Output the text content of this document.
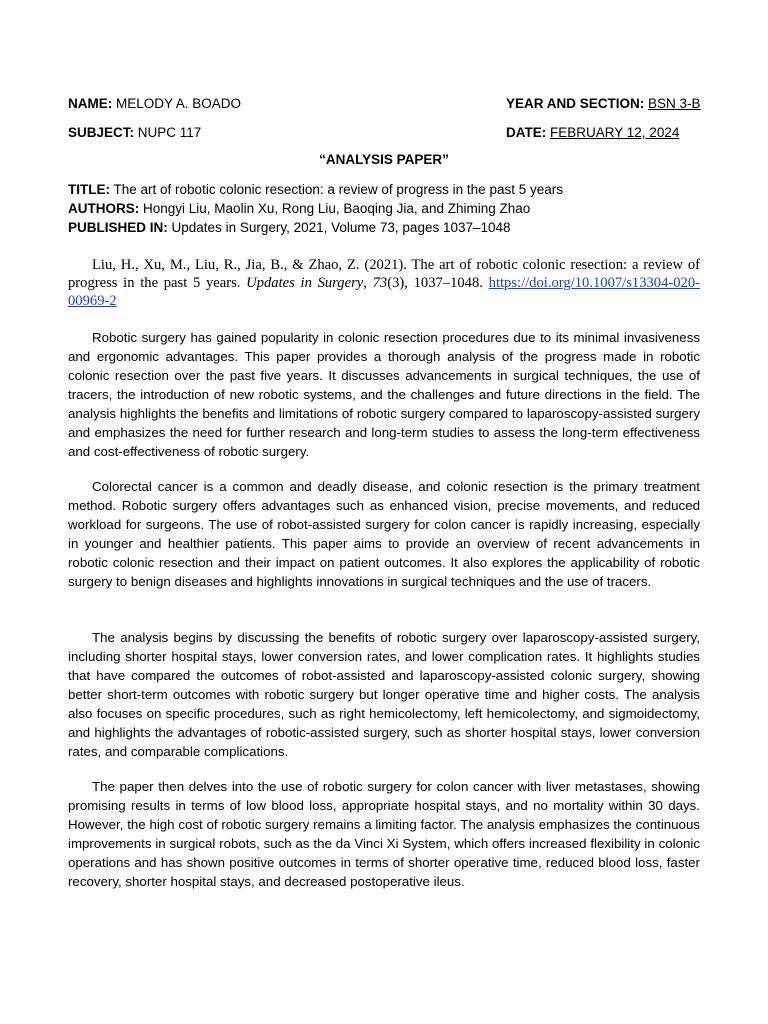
NAME: MELODY A. BOADO	YEAR AND SECTION: BSN 3-B
SUBJECT: NUPC 117	DATE: FEBRUARY 12, 2024
“ANALYSIS PAPER”
TITLE: The art of robotic colonic resection: a review of progress in the past 5 years
AUTHORS: Hongyi Liu, Maolin Xu, Rong Liu, Baoqing Jia, and Zhiming Zhao
PUBLISHED IN: Updates in Surgery, 2021, Volume 73, pages 1037–1048
Liu, H., Xu, M., Liu, R., Jia, B., & Zhao, Z. (2021). The art of robotic colonic resection: a review of progress in the past 5 years. Updates in Surgery, 73(3), 1037–1048. https://doi.org/10.1007/s13304-020-00969-2

Robotic surgery has gained popularity in colonic resection procedures due to its minimal invasiveness and ergonomic advantages. This paper provides a thorough analysis of the progress made in robotic colonic resection over the past five years. It discusses advancements in surgical techniques, the use of tracers, the introduction of new robotic systems, and the challenges and future directions in the field. The analysis highlights the benefits and limitations of robotic surgery compared to laparoscopy-assisted surgery and emphasizes the need for further research and long-term studies to assess the long-term effectiveness and cost-effectiveness of robotic surgery.

Colorectal cancer is a common and deadly disease, and colonic resection is the primary treatment method. Robotic surgery offers advantages such as enhanced vision, precise movements, and reduced workload for surgeons. The use of robot-assisted surgery for colon cancer is rapidly increasing, especially in younger and healthier patients. This paper aims to provide an overview of recent advancements in robotic colonic resection and their impact on patient outcomes. It also explores the applicability of robotic surgery to benign diseases and highlights innovations in surgical techniques and the use of tracers.

The analysis begins by discussing the benefits of robotic surgery over laparoscopy-assisted surgery, including shorter hospital stays, lower conversion rates, and lower complication rates. It highlights studies that have compared the outcomes of robot-assisted and laparoscopy-assisted colonic surgery, showing better short-term outcomes with robotic surgery but longer operative time and higher costs. The analysis also focuses on specific procedures, such as right hemicolectomy, left hemicolectomy, and sigmoidectomy, and highlights the advantages of robotic-assisted surgery, such as shorter hospital stays, lower conversion rates, and comparable complications.

The paper then delves into the use of robotic surgery for colon cancer with liver metastases, showing promising results in terms of low blood loss, appropriate hospital stays, and no mortality within 30 days. However, the high cost of robotic surgery remains a limiting factor. The analysis emphasizes the continuous improvements in surgical robots, such as the da Vinci Xi System, which offers increased flexibility in colonic operations and has shown positive outcomes in terms of shorter operative time, reduced blood loss, faster recovery, shorter hospital stays, and decreased postoperative ileus.
